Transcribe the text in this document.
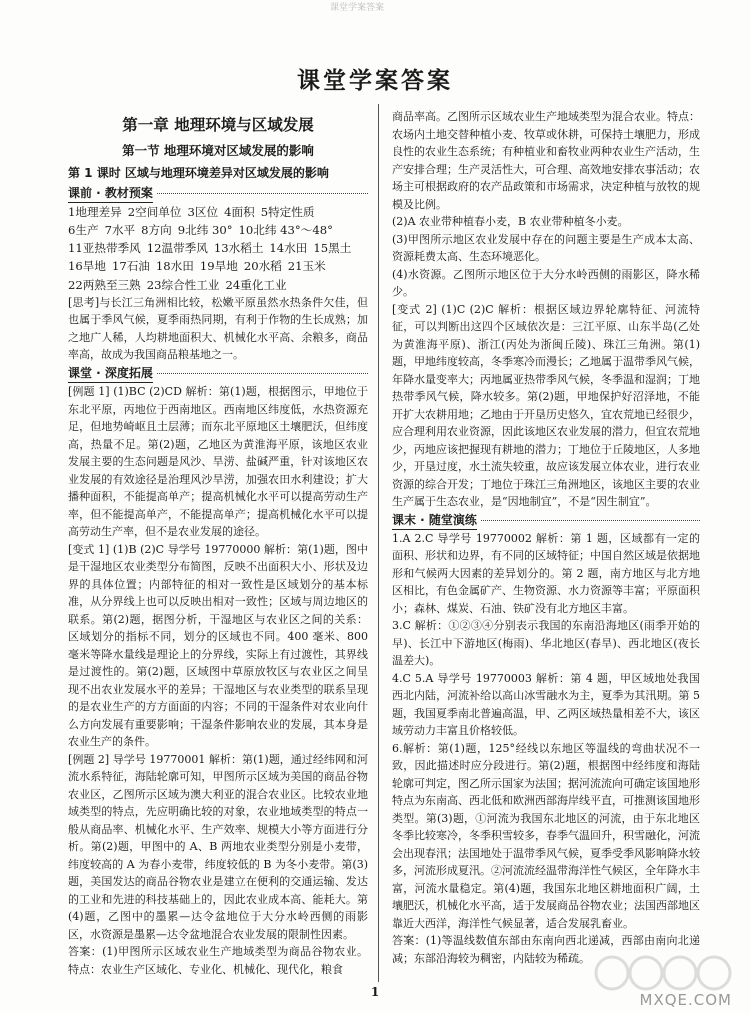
课堂学案答案
课堂学案答案
第一章 地理环境与区域发展
第一节 地理环境对区域发展的影响
第 1 课时 区域与地理环境差异对区域发展的影响
课前 · 教材预案
1地理差异 2空间单位 3区位 4面积 5特定性质
6生产 7水平 8方向 9北纬 30° 10北纬 43°～48°
11亚热带季风 12温带季风 13水稻土 14水田 15黑土
16旱地 17石油 18水田 19旱地 20水稻 21玉米
22两熟至三熟 23综合性工业 24重化工业

[思考]与长江三角洲相比较，松嫩平原虽然水热条件欠佳，但也属于季风气候，夏季雨热同期，有利于作物的生长成熟；加之地广人稀，人均耕地面积大、机械化水平高、余粮多，商品率高，故成为我国商品粮基地之一。

课堂 · 深度拓展

[例题 1] (1)BC (2)CD 解析：第(1)题，根据图示，甲地位于东北平原，丙地位于西南地区。西南地区纬度低，水热资源充足，但地势崎岖且土层薄；而东北平原地区土壤肥沃，但纬度高，热量不足。第(2)题，乙地区为黄淮海平原，该地区农业发展主要的生态问题是风沙、旱涝、盐碱严重，针对该地区农业发展的有效途径是治理风沙旱涝，加强农田水利建设；扩大播种面积，不能提高单产；提高机械化水平可以提高劳动生产率，但不能提高单产，不能提高单产；提高机械化水平可以提高劳动生产率，但不是农业发展的途径。

[变式 1] (1)B (2)C 导学号 19770000 解析：第(1)题，图中是干湿地区农业类型分布简图，反映不出面积大小、形状及边界的具体位置；内部特征的相对一致性是区域划分的基本标准，从分界线上也可以反映出相对一致性；区域与周边地区的联系。第(2)题，据图分析，干湿地区与农业区之间的关系：区域划分的指标不同，划分的区域也不同。400 毫米、800 毫米等降水量线是理论上的分界线，实际上有过渡性，其界线是过渡性的。第(2)题，区域图中草原放牧区与农业区之间呈现不出农业发展水平的差异；干湿地区与农业类型的联系呈现的是农业生产的方方面面的内容；不同的干湿条件对农业向什么方向发展有重要影响；干湿条件影响农业的发展，其本身是农业生产的条件。

[例题 2] 导学号 19770001 解析：第(1)题，通过经纬网和河流水系特征，海陆轮廓可知，甲图所示区域为美国的商品谷物农业区，乙图所示区域为澳大利亚的混合农业区。比较农业地域类型的特点，先应明确比较的对象，农业地域类型的特点一般从商品率、机械化水平、生产效率、规模大小等方面进行分析。第(2)题，甲图中的 A、B 两地农业类型分别是小麦带，纬度较高的 A 为春小麦带，纬度较低的 B 为冬小麦带。第(3)题，美国发达的商品谷物农业是建立在便利的交通运输、发达的工业和先进的科技基础上的，因此农业成本高、能耗大。第(4)题，乙图中的墨累—达令盆地位于大分水岭西侧的雨影区，水资源是墨累—达令盆地混合农业发展的限制性因素。

答案：(1)甲图所示区域农业生产地域类型为商品谷物农业。特点：农业生产区域化、专业化、机械化、现代化，粮食

商品率高。乙图所示区域农业生产地域类型为混合农业。特点：农场内土地交替种植小麦、牧草或休耕，可保持土壤肥力，形成良性的农业生态系统；有种植业和畜牧业两种农业生产活动，生产安排合理；生产灵活性大，可合理、高效地安排农事活动；农场主可根据政府的农产品政策和市场需求，决定种植与放牧的规模及比例。

(2)A 农业带种植春小麦，B 农业带种植冬小麦。

(3)甲图所示地区农业发展中存在的问题主要是生产成本太高、资源耗费太高、生态环境恶化。

(4)水资源。乙图所示地区位于大分水岭西侧的雨影区，降水稀少。

[变式 2] (1)C (2)C 解析：根据区域边界轮廓特征、河流特征，可以判断出这四个区域依次是：三江平原、山东半岛(乙处为黄淮海平原)、浙江(丙处为浙闽丘陵)、珠江三角洲。第(1)题，甲地纬度较高，冬季寒冷而漫长；乙地属于温带季风气候，年降水量变率大；丙地属亚热带季风气候，冬季温和湿润；丁地热带季风气候，降水较多。第(2)题，甲地保护好沼泽地，不能开扩大农耕用地；乙地由于开垦历史悠久，宜农荒地已经很少，应合理利用农业资源，因此该地区农业发展的潜力，但宜农荒地少，丙地应该把握现有耕地的潜力；丁地位于丘陵地区，人多地少，开垦过度，水土流失较重，故应该发展立体农业，进行农业资源的综合开发；丁地位于珠江三角洲地区，该地区主要的农业生产属于生态农业，是“因地制宜”，不是“因生制宜”。

课末 · 随堂演练

1.A 2.C 导学号 19770002 解析：第 1 题，区域都有一定的面积、形状和边界，有不同的区域特征；中国自然区域是依据地形和气候两大因素的差异划分的。第 2 题，南方地区与北方地区相比，有色金属矿产、生物资源、水力资源等丰富；平原面积小；森林、煤炭、石油、铁矿没有北方地区丰富。

3.C 解析：①②③④分别表示我国的东南沿海地区(雨季开始的早)、长江中下游地区(梅雨)、华北地区(春旱)、西北地区(夜长温差大)。

4.C 5.A 导学号 19770003 解析：第 4 题，甲区域地处我国西北内陆，河流补给以高山冰雪融水为主，夏季为其汛期。第 5 题，我国夏季南北普遍高温，甲、乙两区域热量相差不大，该区域劳动力丰富且价格较低。

6.解析：第(1)题，125°经线以东地区等温线的弯曲状况不一致，因此描述时应分段进行。第(2)题，根据图中经纬度和海陆轮廓可判定，图乙所示国家为法国；据河流流向可确定该国地形特点为东南高、西北低和欧洲西部海岸线平直，可推测该国地形类型。第(3)题，①河流为我国东北地区的河流，由于东北地区冬季比较寒冷，冬季积雪较多，春季气温回升，积雪融化，河流会出现春汛；法国地处于温带季风气候，夏季受季风影响降水较多，河流形成夏汛。②河流流经温带海洋性气候区，全年降水丰富，河流水量稳定。第(4)题，我国东北地区耕地面积广阔，土壤肥沃，机械化水平高，适于发展商品谷物农业；法国西部地区靠近大西洋，海洋性气候显著，适合发展乳畜业。

答案：(1)等温线数值东部由东南向西北递减，西部由南向北递减；东部沿海较为稠密，内陆较为稀疏。

1	MXQE.COM
